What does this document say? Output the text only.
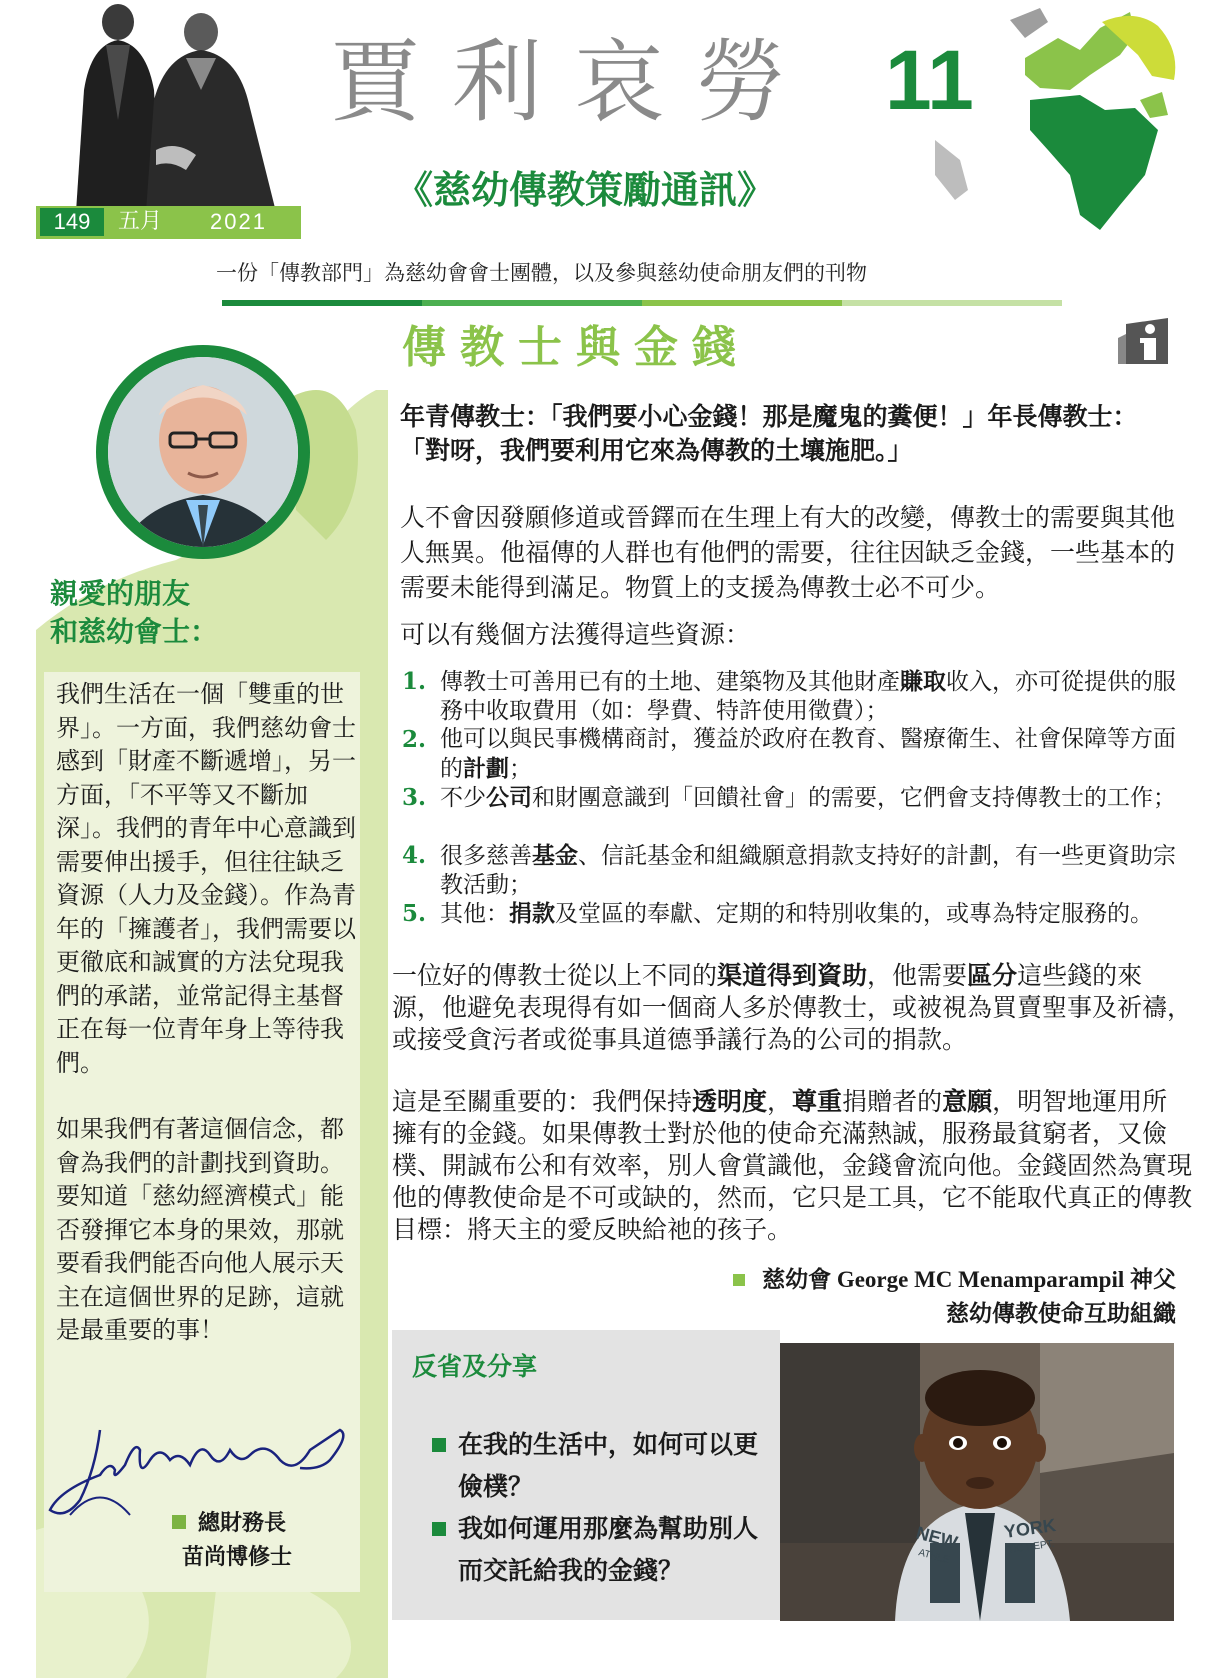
149	五月 2021
賈利哀勞 11
《慈幼傳教策勵通訊》
一份「傳教部門」為慈幼會會士團體，以及參與慈幼使命朋友們的刊物
親愛的朋友
和慈幼會士：

我們生活在一個「雙重的世界」。一方面，我們慈幼會士感到「財產不斷遞增」，另一方面，「不平等又不斷加深」。我們的青年中心意識到需要伸出援手，但往往缺乏資源（人力及金錢）。作為青年的「擁護者」，我們需要以更徹底和誠實的方法兌現我們的承諾，並常記得主基督正在每一位青年身上等待我們。

如果我們有著這個信念，都會為我們的計劃找到資助。要知道「慈幼經濟模式」能否發揮它本身的果效，那就要看我們能否向他人展示天主在這個世界的足跡，這就是最重要的事！

總財務長
苗尚博修士
傳教士與金錢
年青傳教士：「我們要小心金錢！那是魔鬼的糞便！」年長傳教士：「對呀，我們要利用它來為傳教的土壤施肥。」
人不會因發願修道或晉鐸而在生理上有大的改變，傳教士的需要與其他人無異。他福傳的人群也有他們的需要，往往因缺乏金錢，一些基本的需要未能得到滿足。物質上的支援為傳教士必不可少。
可以有幾個方法獲得這些資源：
1. 傳教士可善用已有的土地、建築物及其他財產賺取收入，亦可從提供的服務中收取費用（如：學費、特許使用徵費）；
2. 他可以與民事機構商討，獲益於政府在教育、醫療衛生、社會保障等方面的計劃；
3. 不少公司和財團意識到「回饋社會」的需要，它們會支持傳教士的工作；
4. 很多慈善基金、信託基金和組織願意捐款支持好的計劃，有一些更資助宗教活動；
5. 其他：捐款及堂區的奉獻、定期的和特別收集的，或專為特定服務的。
一位好的傳教士從以上不同的渠道得到資助，他需要區分這些錢的來源，他避免表現得有如一個商人多於傳教士，或被視為買賣聖事及祈禱，或接受貪污者或從事具道德爭議行為的公司的捐款。
這是至關重要的：我們保持透明度，尊重捐贈者的意願，明智地運用所擁有的金錢。如果傳教士對於他的使命充滿熱誠，服務最貧窮者，又儉樸、開誠布公和有效率，別人會賞識他，金錢會流向他。金錢固然為實現他的傳教使命是不可或缺的，然而，它只是工具，它不能取代真正的傳教目標：將天主的愛反映給祂的孩子。
慈幼會 George MC Menamparampil 神父
慈幼傳教使命互助組織
反省及分享
在我的生活中，如何可以更儉樸？
我如何運用那麼為幫助別人而交託給我的金錢？
NEW YORK
ATHLE
TIC DEPT.
